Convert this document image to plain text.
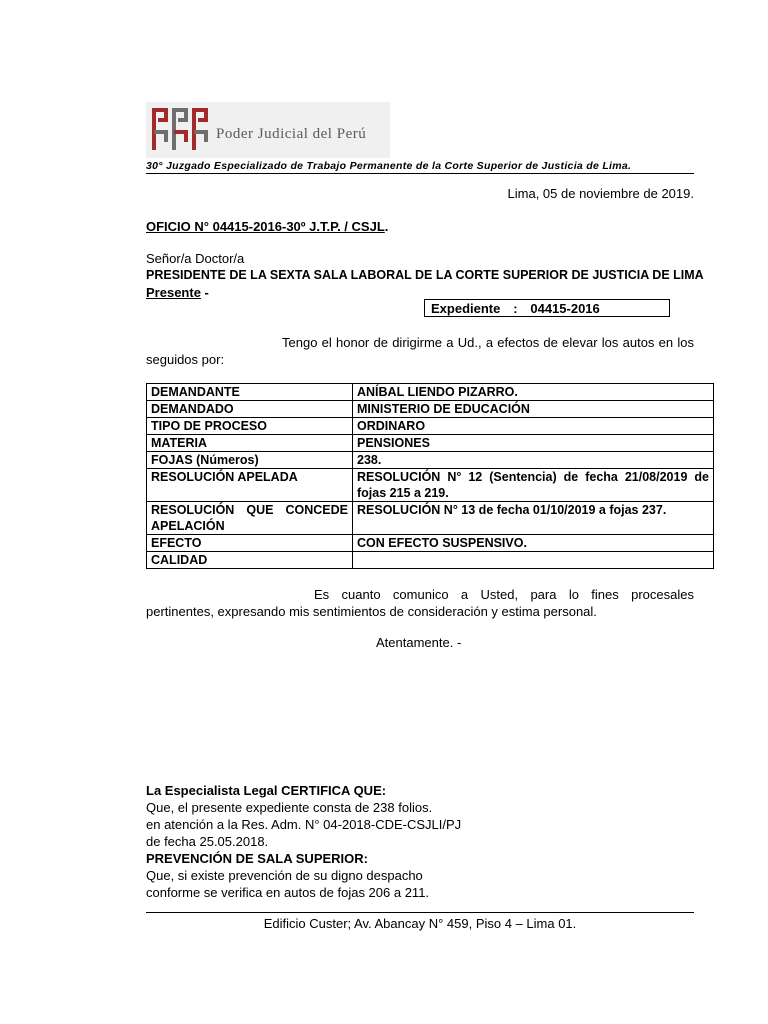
Poder Judicial del Perú
30° Juzgado Especializado de Trabajo Permanente de la Corte Superior de Justicia de Lima.
Lima, 05 de noviembre de 2019.
OFICIO N° 04415-2016-30º J.T.P. / CSJL.
Señor/a Doctor/a
PRESIDENTE DE LA SEXTA SALA LABORAL DE LA CORTE SUPERIOR DE JUSTICIA DE LIMA
Presente -
Expediente : 04415-2016
Tengo el honor de dirigirme a Ud., a efectos de elevar los autos en los seguidos por:
DEMANDANTE	ANÍBAL LIENDO PIZARRO.
DEMANDADO	MINISTERIO DE EDUCACIÓN
TIPO DE PROCESO	ORDINARO
MATERIA	PENSIONES
FOJAS (Números)	238.
RESOLUCIÓN APELADA	RESOLUCIÓN N° 12 (Sentencia) de fecha 21/08/2019 de fojas 215 a 219.
RESOLUCIÓN QUE CONCEDE APELACIÓN	RESOLUCIÓN N° 13 de fecha 01/10/2019 a fojas 237.
EFECTO	CON EFECTO SUSPENSIVO.
CALIDAD	
Es cuanto comunico a Usted, para lo fines procesales pertinentes, expresando mis sentimientos de consideración y estima personal.
Atentamente. -
La Especialista Legal CERTIFICA QUE:
Que, el presente expediente consta de 238 folios.
en atención a la Res. Adm. N° 04-2018-CDE-CSJLI/PJ
de fecha 25.05.2018.
PREVENCIÓN DE SALA SUPERIOR:
Que, si existe prevención de su digno despacho
conforme se verifica en autos de fojas 206 a 211.
Edificio Custer; Av. Abancay N° 459, Piso 4 – Lima 01.
